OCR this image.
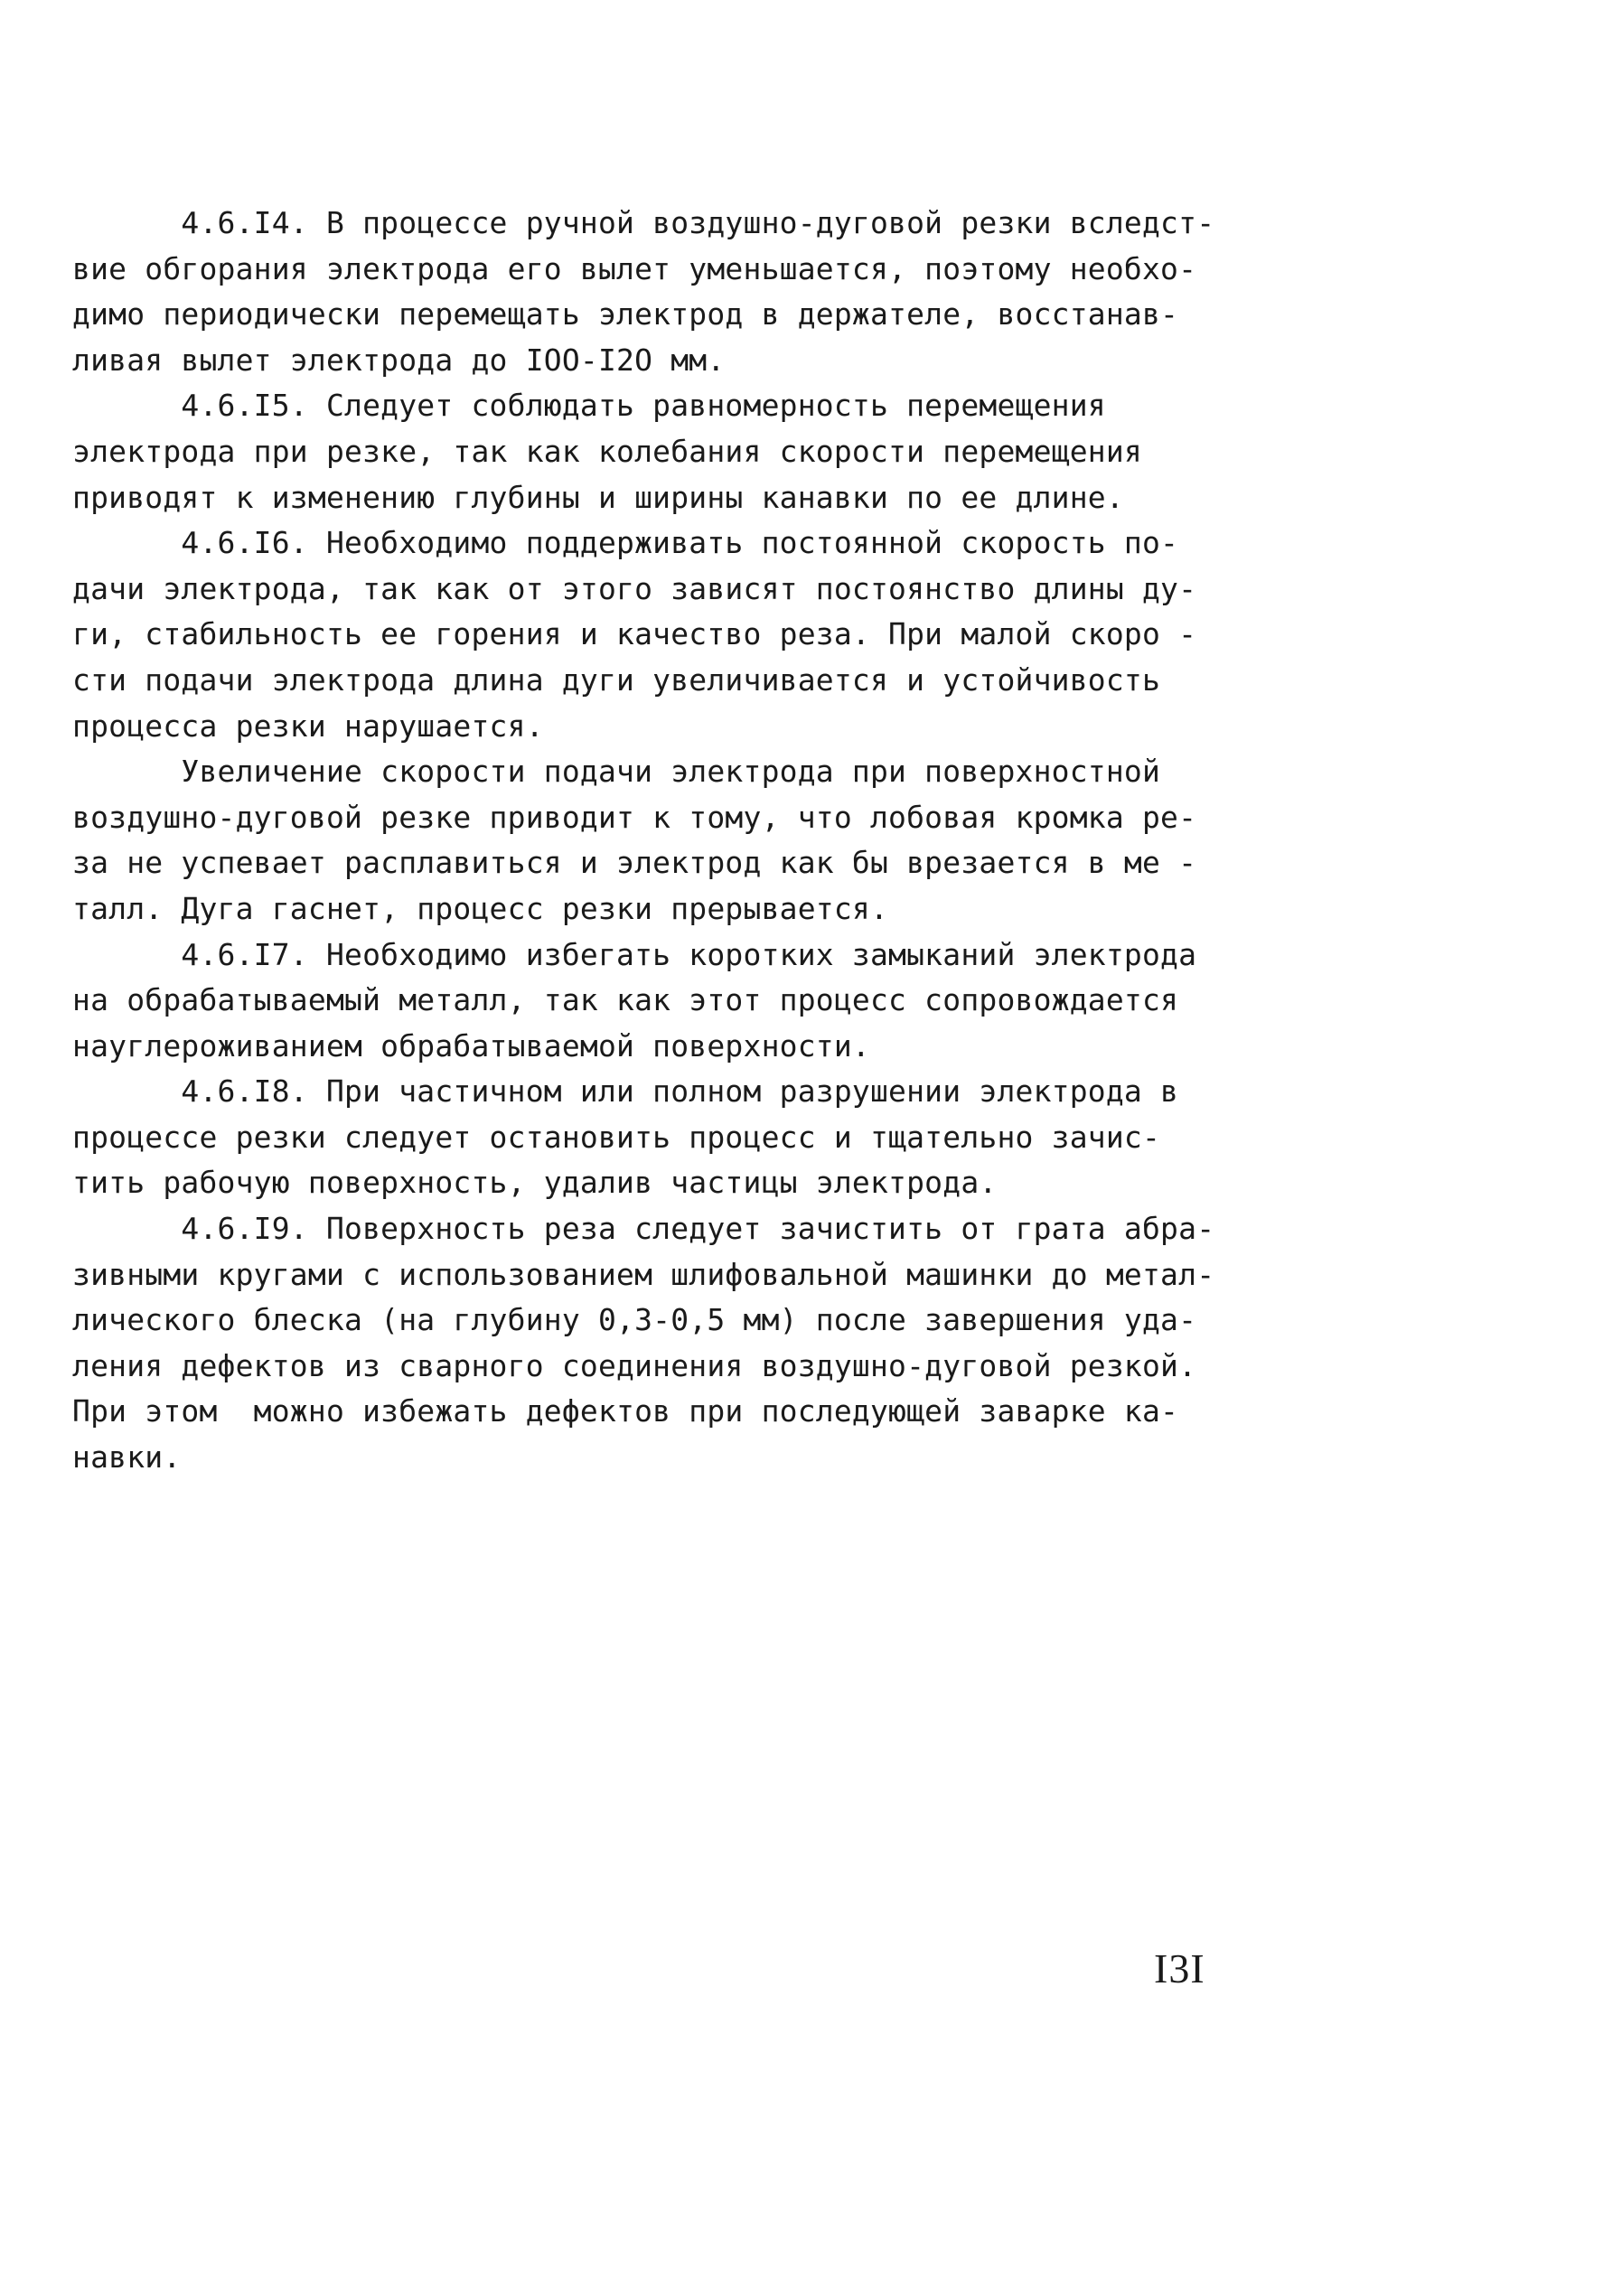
4.6.I4. В процессе ручной воздушно-дуговой резки вследст-
вие обгорания электрода его вылет уменьшается, поэтому необхо-
димо периодически перемещать электрод в держателе, восстанав-
ливая вылет электрода до IOO-I2O мм.
4.6.I5. Следует соблюдать равномерность перемещения
электрода при резке, так как колебания скорости перемещения
приводят к изменению глубины и ширины канавки по ее длине.
4.6.I6. Необходимо поддерживать постоянной скорость по-
дачи электрода, так как от этого зависят постоянство длины ду-
ги, стабильность ее горения и качество реза. При малой скоро -
сти подачи электрода длина дуги увеличивается и устойчивость
процесса резки нарушается.
Увеличение скорости подачи электрода при поверхностной
воздушно-дуговой резке приводит к тому, что лобовая кромка ре-
за не успевает расплавиться и электрод как бы врезается в ме -
талл. Дуга гаснет, процесс резки прерывается.
4.6.I7. Необходимо избегать коротких замыканий электрода
на обрабатываемый металл, так как этот процесс сопровождается
науглероживанием обрабатываемой поверхности.
4.6.I8. При частичном или полном разрушении электрода в
процессе резки следует остановить процесс и тщательно зачис-
тить рабочую поверхность, удалив частицы электрода.
4.6.I9. Поверхность реза следует зачистить от грата абра-
зивными кругами с использованием шлифовальной машинки до метал-
лического блеска (на глубину 0,3-0,5 мм) после завершения уда-
ления дефектов из сварного соединения воздушно-дуговой резкой.
При этом  можно избежать дефектов при последующей заварке ка-
навки.
I3I
